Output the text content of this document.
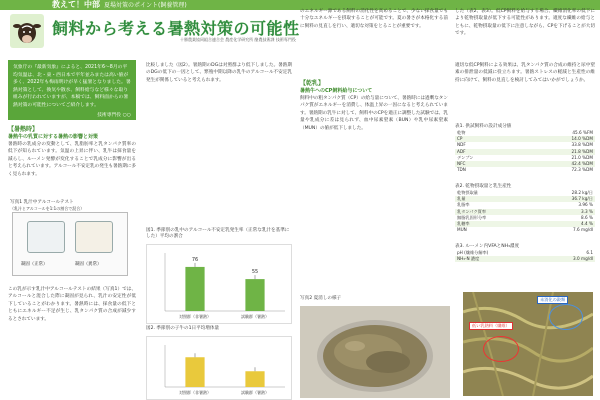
教えて！中部 夏場対策のポイント(飼養管理)
飼料から考える暑熱対策の可能性
十勝農業協同組合連合会 農産化学研究所 酪農技術課 技術専門役
気象庁の『最新気象』によると、2021年6〜8月の平均気温は、北・東・西日本で平年並みまたは高い値が多く、2022年も梅雨明けが早く猛暑となりました。暑熱対策として、換気や散水、飼料給与など様々な取り組みが行われていますが、本稿では、飼料面からの暑熱対策の可能性についてご紹介します。
技術専門役 ○○
【暑熱時】
暑熱牛の乳質に対する暑熱の影響と対策
暑熱時の乳成分の変動として、乳脂肪率と乳タンパク質率の低下が知られています。気温の上昇に伴い、乳牛は採食量を減らし、ルーメン発酵が変化することで乳成分に影響が出ると考えられています。アルコール不安定乳の発生も暑熱期に多く見られます。
写真1 乳汁中アルコールテスト
（乳汁とアルコールを1:1の割合で混合）
凝固（正常）	凝固（異常）
この乳が示す乳汁中アルコールテストの結果（写真1）では、アルコールと混合した際に凝固が見られ、乳汁の安定性が低下していることがわかります。暑熱時には、採食量の低下とともにエネルギー不足が生じ、乳タンパク質の合成が減少するとされています。
比較しました（図2）。暑熱期のDGは対照群より低下しました。暑熱期のDGの低下の一因として、繁殖中期以降の乳牛のアルコール不安定乳発生が関係していると考えられます。
図1. 季節別の乳中のアルコール不安定乳発生率（正常な乳汁を基準にした）平均の割合
76
対照群（非暑熱）
55
試験群（暑熱）
図2. 季節別の子牛の1日平均増体量
対照群（非暑熱）	試験群（暑熱）
のエネルギー源である飼料の消化性を高めることで、少ない採食量でも十分なエネルギーを摂取することが可能です。夏の暑さが本格化する前に飼料の見直しを行い、適切な対策をとることが重要です。
【乾乳】
暑熱牛へのCP飼料給与について
飼料中の粗タンパク質（CP）の給与量について、暑熱時には過剰なタンパク質がエネルギーを消費し、体温上昇の一因になると考えられています。暑熱期の乳牛に対して、飼料中のCPを適正に調整した試験では、乳量や乳成分に差は見られず、血中尿素窒素（BUN）や乳中尿素窒素（MUN）の値が低下しました。
写真2 夏消しの様子
した（表2、表3）。低CP飼料を給与する場合、繊維消化率の低下により乾物摂取量が低下する可能性があります。適度な繊維の給与とともに、乾物摂取量の低下に注意しながら、CPを下げることが大切です。
適切な低CP飼料による効果は、乳タンパク質の合成の維持と尿中窒素の排泄量の低減に役立ちます。暑熱ストレスの軽減と生産性の維持に向けて、飼料の見直しを検討してみてはいかがでしょうか。
表1. 供試飼料の設計成分値
乾物	45.6 %FM
CP	14.0 %DM
NDF	33.8 %DM
ADF	21.8 %DM
デンプン	21.0 %DM
NFC	42.4 %DM
TDN	72.3 %DM
表2. 乾物摂取量と乳生産性
乾物摂取量	28.2 kg/日
乳量	36.7 kg/日
乳脂率	3.96 %
乳タンパク質率	3.3 %
無脂乳固形分率	8.6 %
乳糖率	4.4 %
MUN	7.6 mg/dl
表3. ルーメン内VFAとNH₃濃度
pH (繊維分解率)	6.1
NH₃-N 濃度	3.0 mg/dl
低い乳熱料（繊維）
未消化の穀類
